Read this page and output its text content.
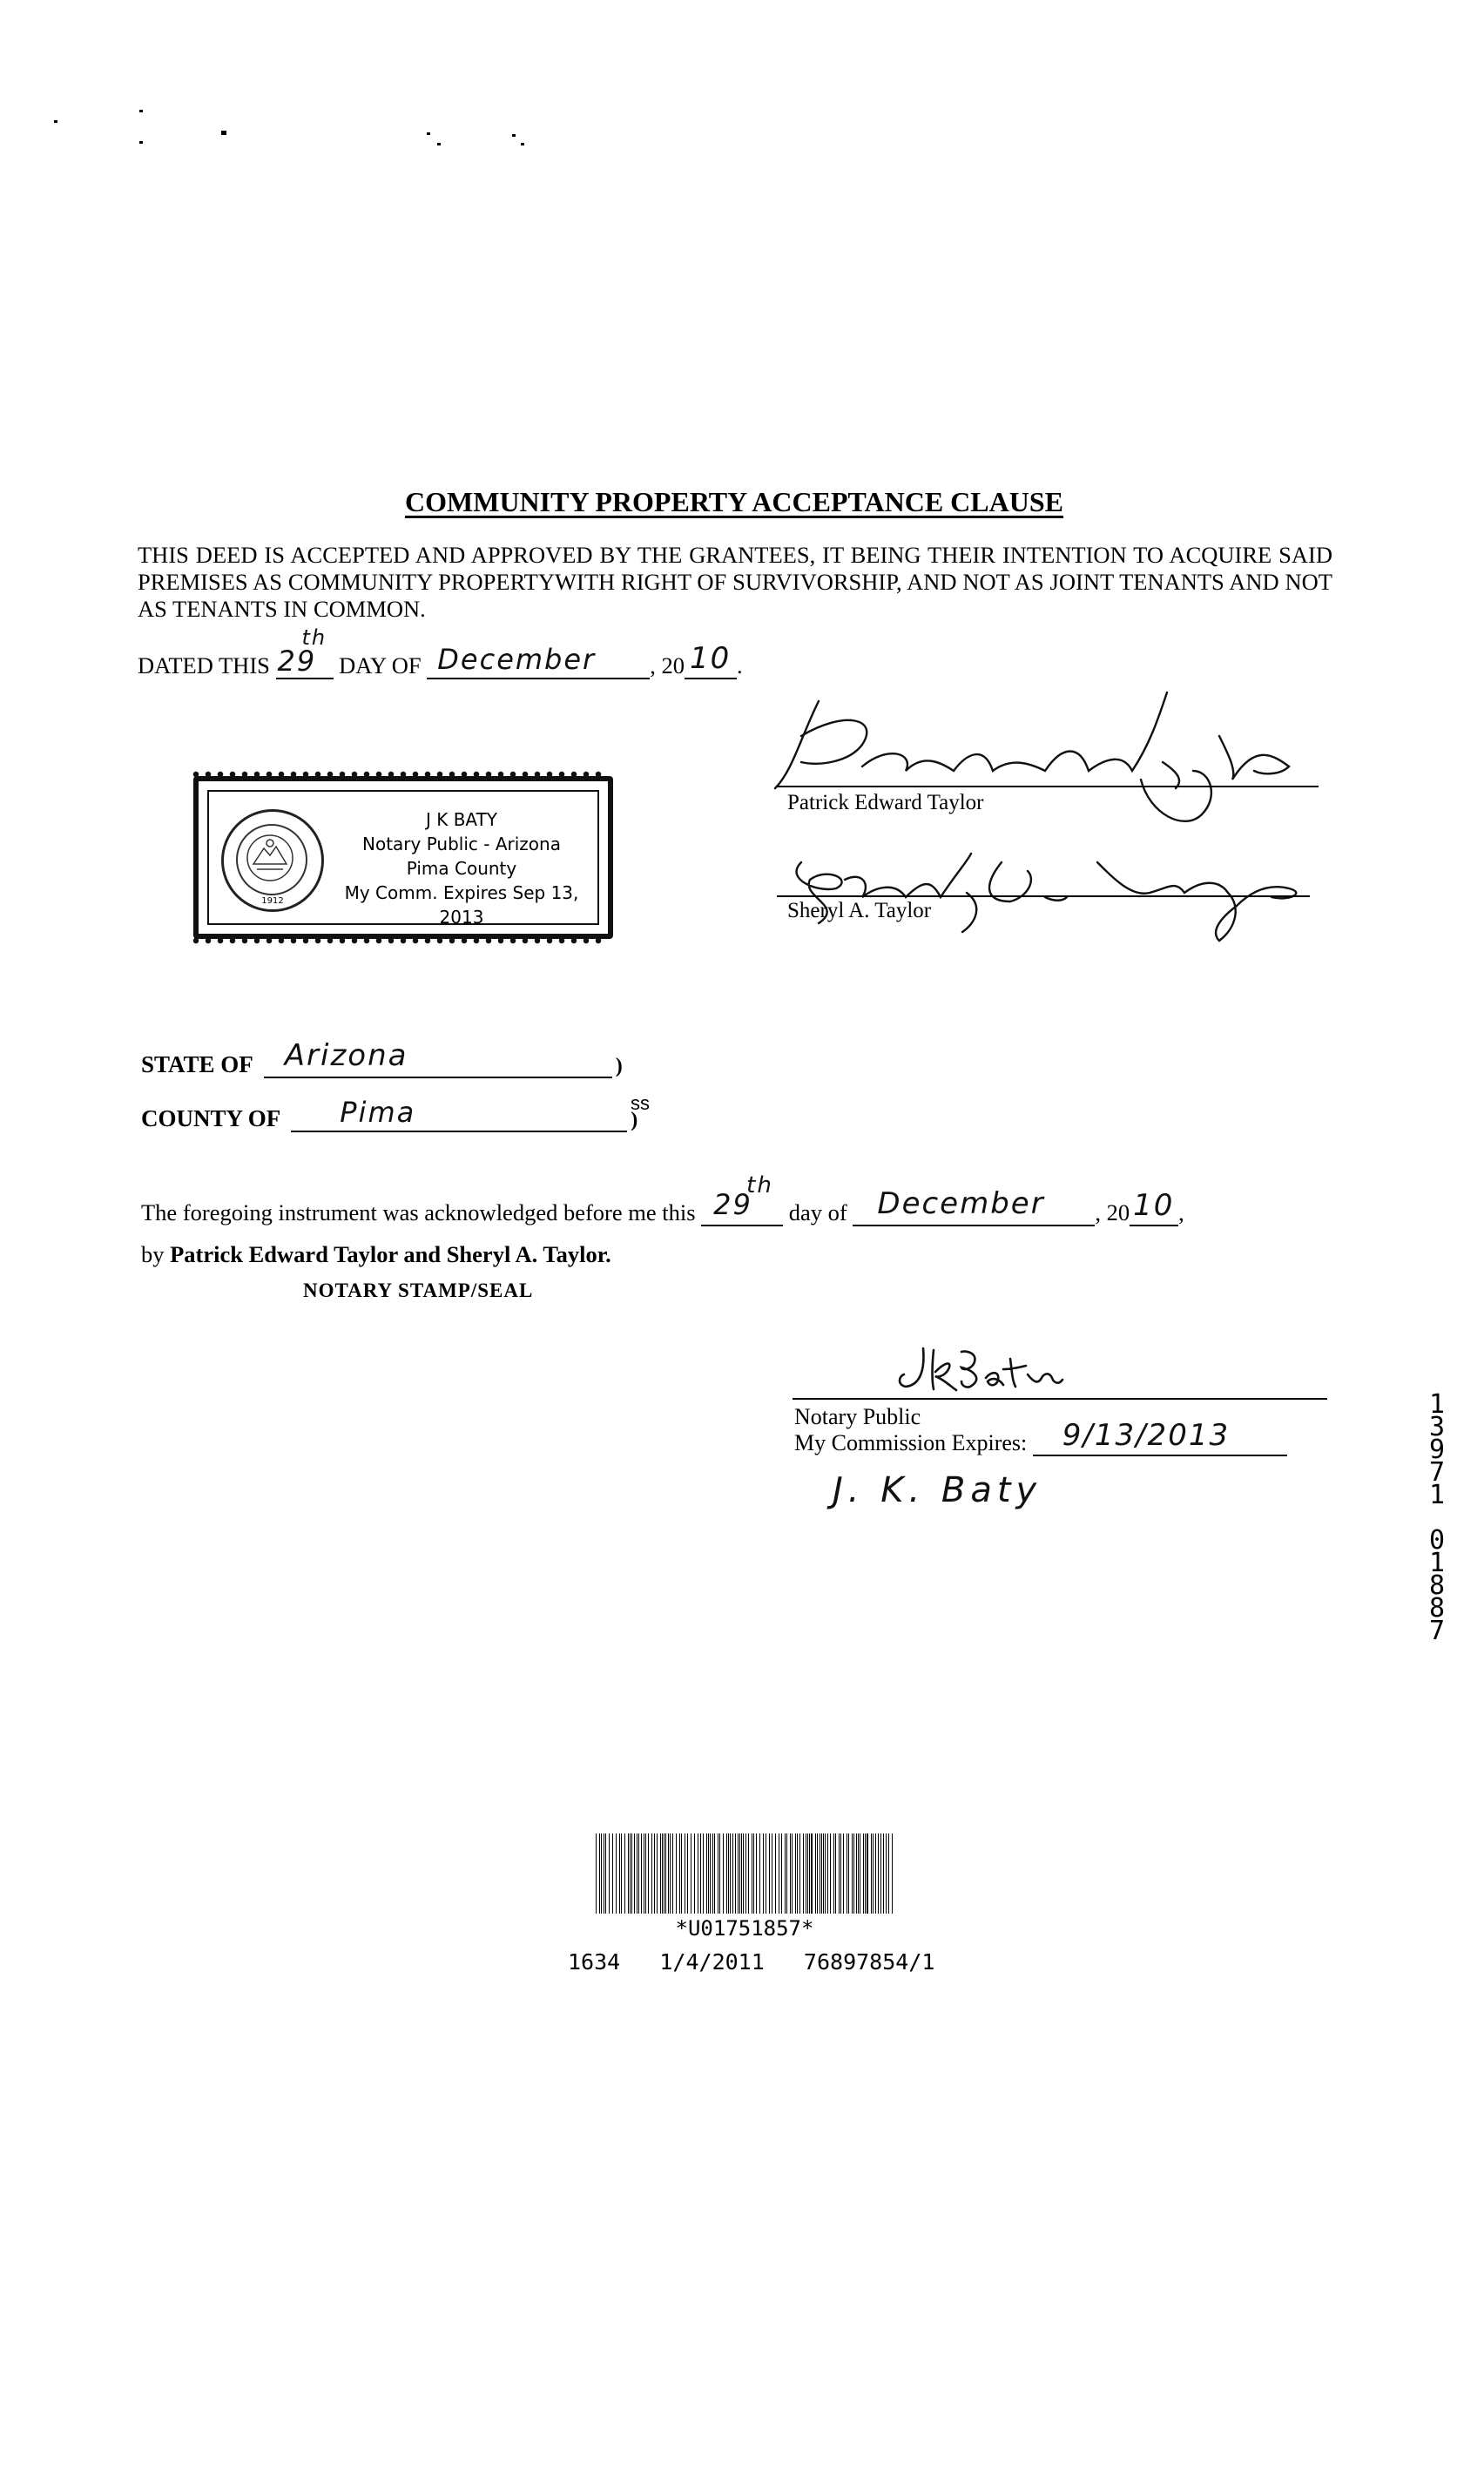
COMMUNITY PROPERTY ACCEPTANCE CLAUSE
THIS DEED IS ACCEPTED AND APPROVED BY THE GRANTEES, IT BEING THEIR INTENTION TO ACQUIRE SAID PREMISES AS COMMUNITY PROPERTYWITH RIGHT OF SURVIVORSHIP, AND NOT AS JOINT TENANTS AND NOT AS TENANTS IN COMMON.
DATED THIS 29
th
DAY OF December , 20 10 .
1912
J K BATY
Notary Public - Arizona
Pima County
My Comm. Expires Sep 13, 2013
Patrick Edward Taylor
Sheryl A. Taylor
STATE OF Arizona	)
ss
COUNTY OF Pima	)
The foregoing instrument was acknowledged before me this 29
th
day of December , 20 10 ,
by Patrick Edward Taylor and Sheryl A. Taylor.
NOTARY STAMP/SEAL
Notary Public
My Commission Expires: 9/13/2013
J. K. Baty
1
3
9
7
1
0
1
8
8
7
*U01751857*
1634   1/4/2011   76897854/1
